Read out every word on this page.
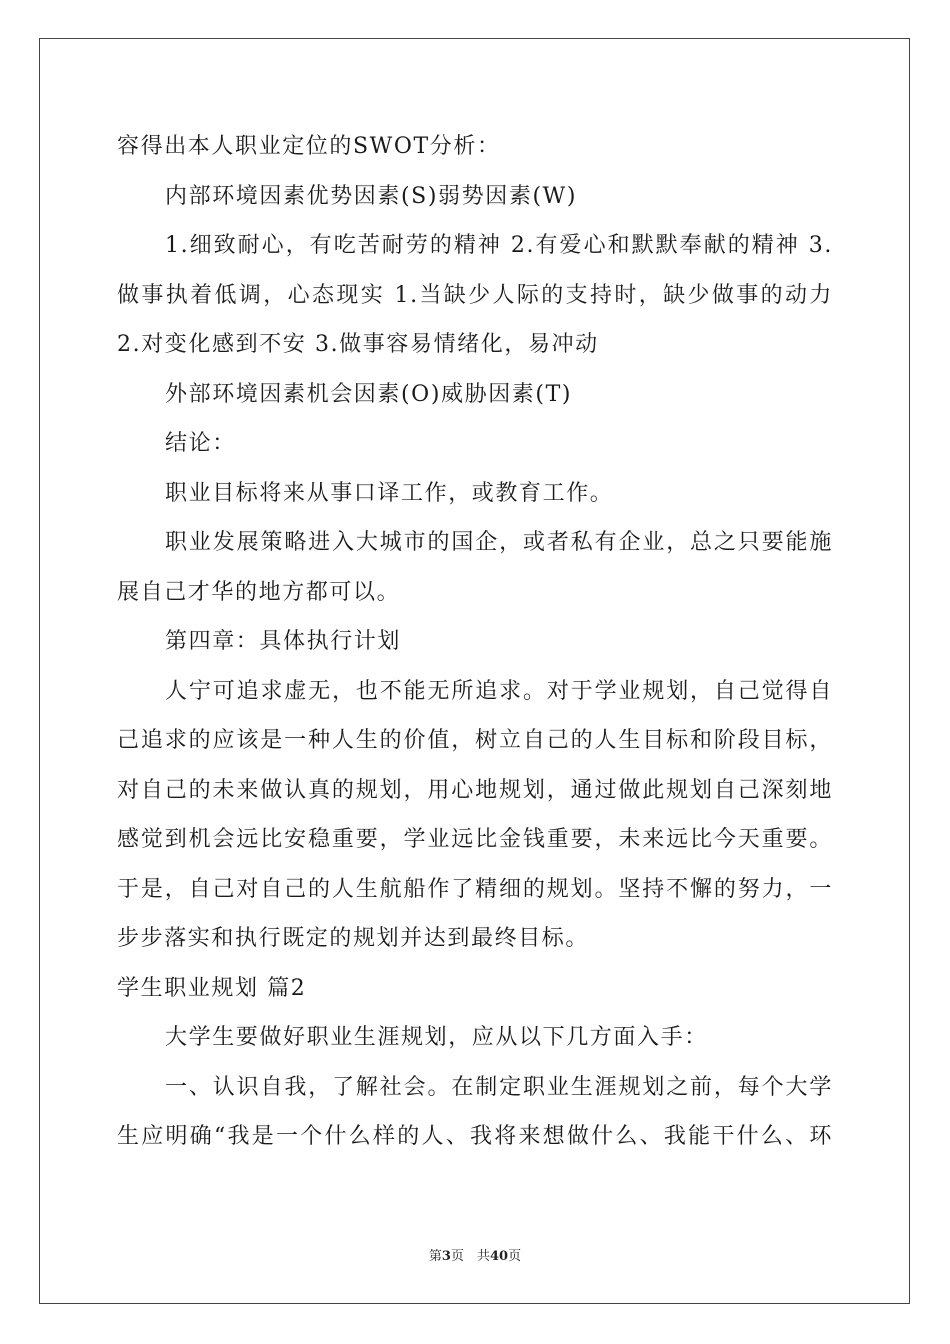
容得出本人职业定位的SWOT分析：
内部环境因素优势因素(S)弱势因素(W)
1.细致耐心，有吃苦耐劳的精神 2.有爱心和默默奉献的精神 3.
做事执着低调，心态现实 1.当缺少人际的支持时，缺少做事的动力
2.对变化感到不安 3.做事容易情绪化，易冲动
外部环境因素机会因素(O)威胁因素(T)
结论：
职业目标将来从事口译工作，或教育工作。
职业发展策略进入大城市的国企，或者私有企业，总之只要能施
展自己才华的地方都可以。
第四章：具体执行计划
人宁可追求虚无，也不能无所追求。对于学业规划，自己觉得自
己追求的应该是一种人生的价值，树立自己的人生目标和阶段目标，
对自己的未来做认真的规划，用心地规划，通过做此规划自己深刻地
感觉到机会远比安稳重要，学业远比金钱重要，未来远比今天重要。
于是，自己对自己的人生航船作了精细的规划。坚持不懈的努力，一
步步落实和执行既定的规划并达到最终目标。
学生职业规划 篇2
大学生要做好职业生涯规划，应从以下几方面入手：
一、认识自我，了解社会。在制定职业生涯规划之前，每个大学
生应明确“我是一个什么样的人、我将来想做什么、我能干什么、环
第3页　共40页
